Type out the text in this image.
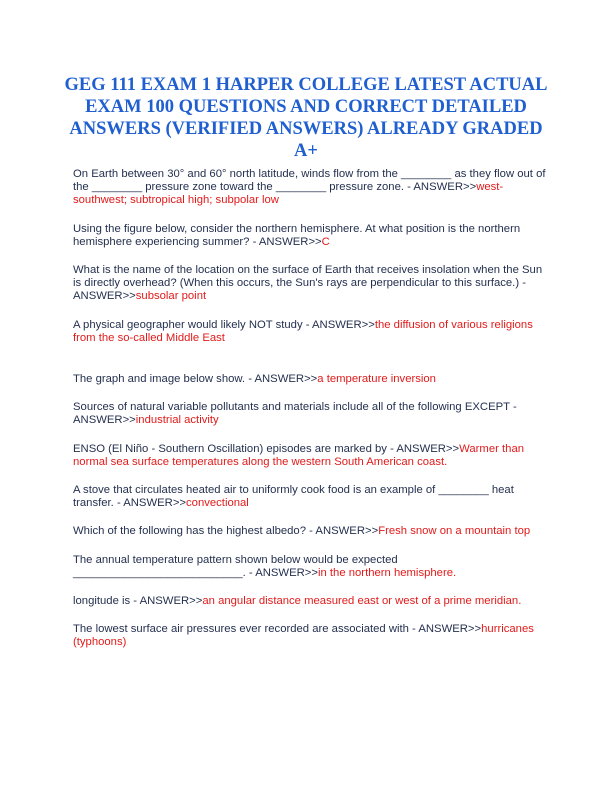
GEG 111 EXAM 1 HARPER COLLEGE LATEST ACTUAL EXAM 100 QUESTIONS AND CORRECT DETAILED ANSWERS (VERIFIED ANSWERS) ALREADY GRADED A+
On Earth between 30° and 60° north latitude, winds flow from the ________ as they flow out of the ________ pressure zone toward the ________ pressure zone. - ANSWER>>west-southwest; subtropical high; subpolar low
Using the figure below, consider the northern hemisphere. At what position is the northern hemisphere experiencing summer? - ANSWER>>C
What is the name of the location on the surface of Earth that receives insolation when the Sun is directly overhead? (When this occurs, the Sun's rays are perpendicular to this surface.) - ANSWER>>subsolar point
A physical geographer would likely NOT study - ANSWER>>the diffusion of various religions from the so-called Middle East
The graph and image below show. - ANSWER>>a temperature inversion
Sources of natural variable pollutants and materials include all of the following EXCEPT - ANSWER>>industrial activity
ENSO (El Niño - Southern Oscillation) episodes are marked by - ANSWER>>Warmer than normal sea surface temperatures along the western South American coast.
A stove that circulates heated air to uniformly cook food is an example of ________ heat transfer. - ANSWER>>convectional
Which of the following has the highest albedo? - ANSWER>>Fresh snow on a mountain top
The annual temperature pattern shown below would be expected ___________________________. - ANSWER>>in the northern hemisphere.
longitude is - ANSWER>>an angular distance measured east or west of a prime meridian.
The lowest surface air pressures ever recorded are associated with - ANSWER>>hurricanes (typhoons)
